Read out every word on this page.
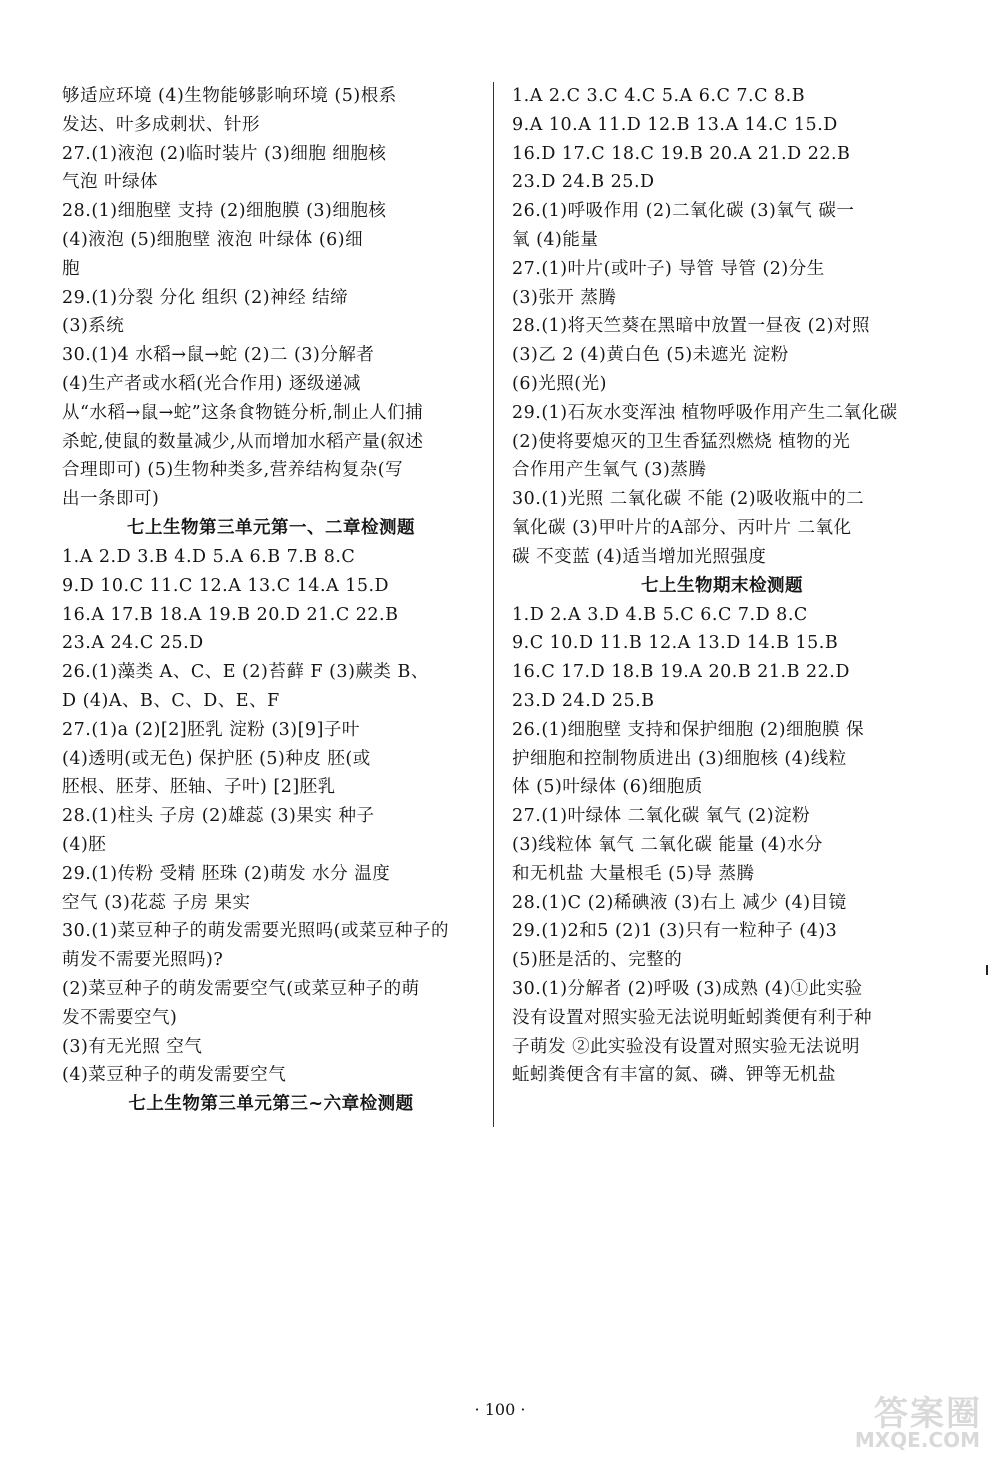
够适应环境 (4)生物能够影响环境 (5)根系
发达、叶多成刺状、针形
27.(1)液泡 (2)临时装片 (3)细胞 细胞核
气泡 叶绿体
28.(1)细胞壁 支持 (2)细胞膜 (3)细胞核
(4)液泡 (5)细胞壁 液泡 叶绿体 (6)细
胞
29.(1)分裂 分化 组织 (2)神经 结缔
(3)系统
30.(1)4 水稻→鼠→蛇 (2)二 (3)分解者
(4)生产者或水稻(光合作用) 逐级递减
从“水稻→鼠→蛇”这条食物链分析,制止人们捕
杀蛇,使鼠的数量减少,从而增加水稻产量(叙述
合理即可) (5)生物种类多,营养结构复杂(写
出一条即可)
七上生物第三单元第一、二章检测题
1.A 2.D 3.B 4.D 5.A 6.B 7.B 8.C
9.D 10.C 11.C 12.A 13.C 14.A 15.D
16.A 17.B 18.A 19.B 20.D 21.C 22.B
23.A 24.C 25.D
26.(1)藻类 A、C、E (2)苔藓 F (3)蕨类 B、
D (4)A、B、C、D、E、F
27.(1)a (2)[2]胚乳 淀粉 (3)[9]子叶
(4)透明(或无色) 保护胚 (5)种皮 胚(或
胚根、胚芽、胚轴、子叶) [2]胚乳
28.(1)柱头 子房 (2)雄蕊 (3)果实 种子
(4)胚
29.(1)传粉 受精 胚珠 (2)萌发 水分 温度
空气 (3)花蕊 子房 果实
30.(1)菜豆种子的萌发需要光照吗(或菜豆种子的
萌发不需要光照吗)?
(2)菜豆种子的萌发需要空气(或菜豆种子的萌
发不需要空气)
(3)有无光照 空气
(4)菜豆种子的萌发需要空气
七上生物第三单元第三~六章检测题
1.A 2.C 3.C 4.C 5.A 6.C 7.C 8.B
9.A 10.A 11.D 12.B 13.A 14.C 15.D
16.D 17.C 18.C 19.B 20.A 21.D 22.B
23.D 24.B 25.D
26.(1)呼吸作用 (2)二氧化碳 (3)氧气 碳一
氧 (4)能量
27.(1)叶片(或叶子) 导管 导管 (2)分生
(3)张开 蒸腾
28.(1)将天竺葵在黑暗中放置一昼夜 (2)对照
(3)乙 2 (4)黄白色 (5)未遮光 淀粉
(6)光照(光)
29.(1)石灰水变浑浊 植物呼吸作用产生二氧化碳
(2)使将要熄灭的卫生香猛烈燃烧 植物的光
合作用产生氧气 (3)蒸腾
30.(1)光照 二氧化碳 不能 (2)吸收瓶中的二
氧化碳 (3)甲叶片的A部分、丙叶片 二氧化
碳 不变蓝 (4)适当增加光照强度
七上生物期末检测题
1.D 2.A 3.D 4.B 5.C 6.C 7.D 8.C
9.C 10.D 11.B 12.A 13.D 14.B 15.B
16.C 17.D 18.B 19.A 20.B 21.B 22.D
23.D 24.D 25.B
26.(1)细胞壁 支持和保护细胞 (2)细胞膜 保
护细胞和控制物质进出 (3)细胞核 (4)线粒
体 (5)叶绿体 (6)细胞质
27.(1)叶绿体 二氧化碳 氧气 (2)淀粉
(3)线粒体 氧气 二氧化碳 能量 (4)水分
和无机盐 大量根毛 (5)导 蒸腾
28.(1)C (2)稀碘液 (3)右上 减少 (4)目镜
29.(1)2和5 (2)1 (3)只有一粒种子 (4)3
(5)胚是活的、完整的
30.(1)分解者 (2)呼吸 (3)成熟 (4)①此实验
没有设置对照实验无法说明蚯蚓粪便有利于种
子萌发 ②此实验没有设置对照实验无法说明
蚯蚓粪便含有丰富的氮、磷、钾等无机盐
· 100 ·	答案圈
MXQE.COM
